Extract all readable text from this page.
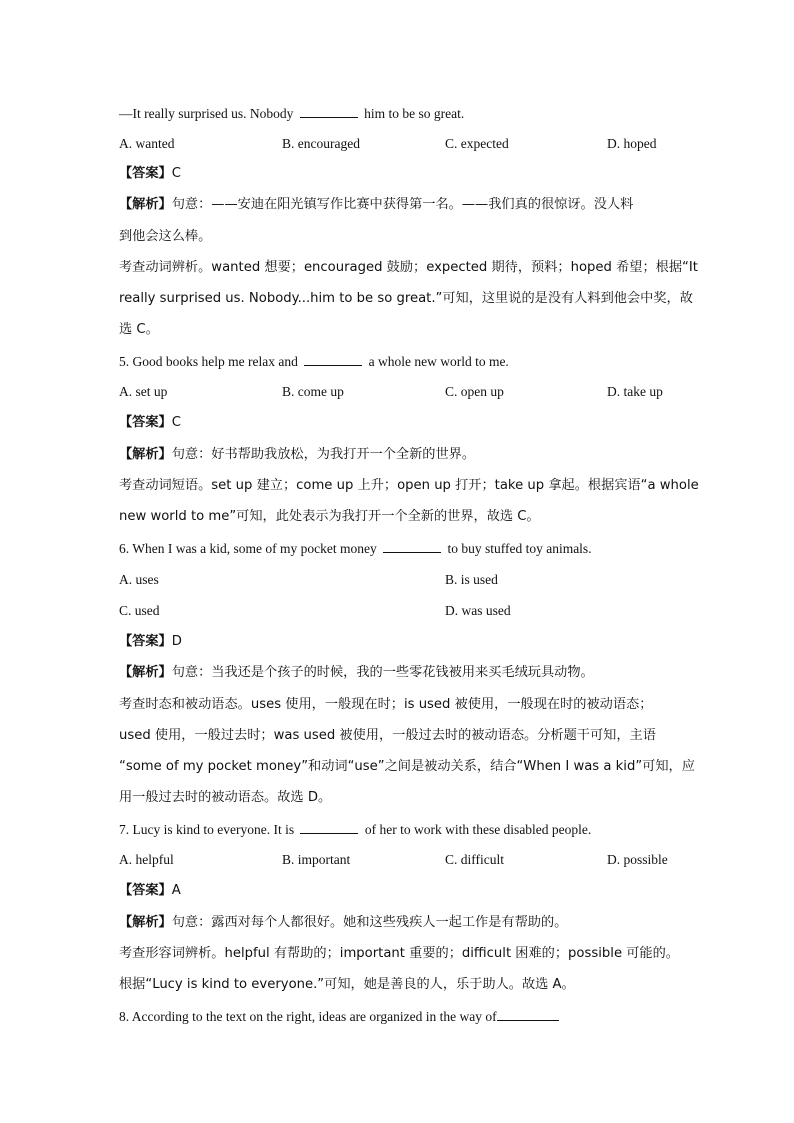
—It really surprised us. Nobody	him to be so great.
A. wanted	B. encouraged	C. expected	D. hoped
【答案】C
【解析】句意：——安迪在阳光镇写作比赛中获得第一名。——我们真的很惊讶。没人料
到他会这么棒。
考查动词辨析。wanted 想要；encouraged 鼓励；expected 期待，预料；hoped 希望；根据“It
really surprised us. Nobody...him to be so great.”可知，这里说的是没有人料到他会中奖，故
选 C。
5. Good books help me relax and	a whole new world to me.
A. set up	B. come up	C. open up	D. take up
【答案】C
【解析】句意：好书帮助我放松，为我打开一个全新的世界。
考查动词短语。set up 建立；come up 上升；open up 打开；take up 拿起。根据宾语“a whole
new world to me”可知，此处表示为我打开一个全新的世界，故选 C。
6. When I was a kid, some of my pocket money	to buy stuffed toy animals.
A. uses	B. is used
C. used	D. was used
【答案】D
【解析】句意：当我还是个孩子的时候，我的一些零花钱被用来买毛绒玩具动物。
考查时态和被动语态。uses 使用，一般现在时；is used 被使用，一般现在时的被动语态；
used 使用，一般过去时；was used 被使用，一般过去时的被动语态。分析题干可知，主语
“some of my pocket money”和动词“use”之间是被动关系，结合“When I was a kid”可知，应
用一般过去时的被动语态。故选 D。
7. Lucy is kind to everyone. It is	of her to work with these disabled people.
A. helpful	B. important	C. difficult	D. possible
【答案】A
【解析】句意：露西对每个人都很好。她和这些残疾人一起工作是有帮助的。
考查形容词辨析。helpful 有帮助的；important 重要的；difficult 困难的；possible 可能的。
根据“Lucy is kind to everyone.”可知，她是善良的人，乐于助人。故选 A。
8. According to the text on the right, ideas are organized in the way of
